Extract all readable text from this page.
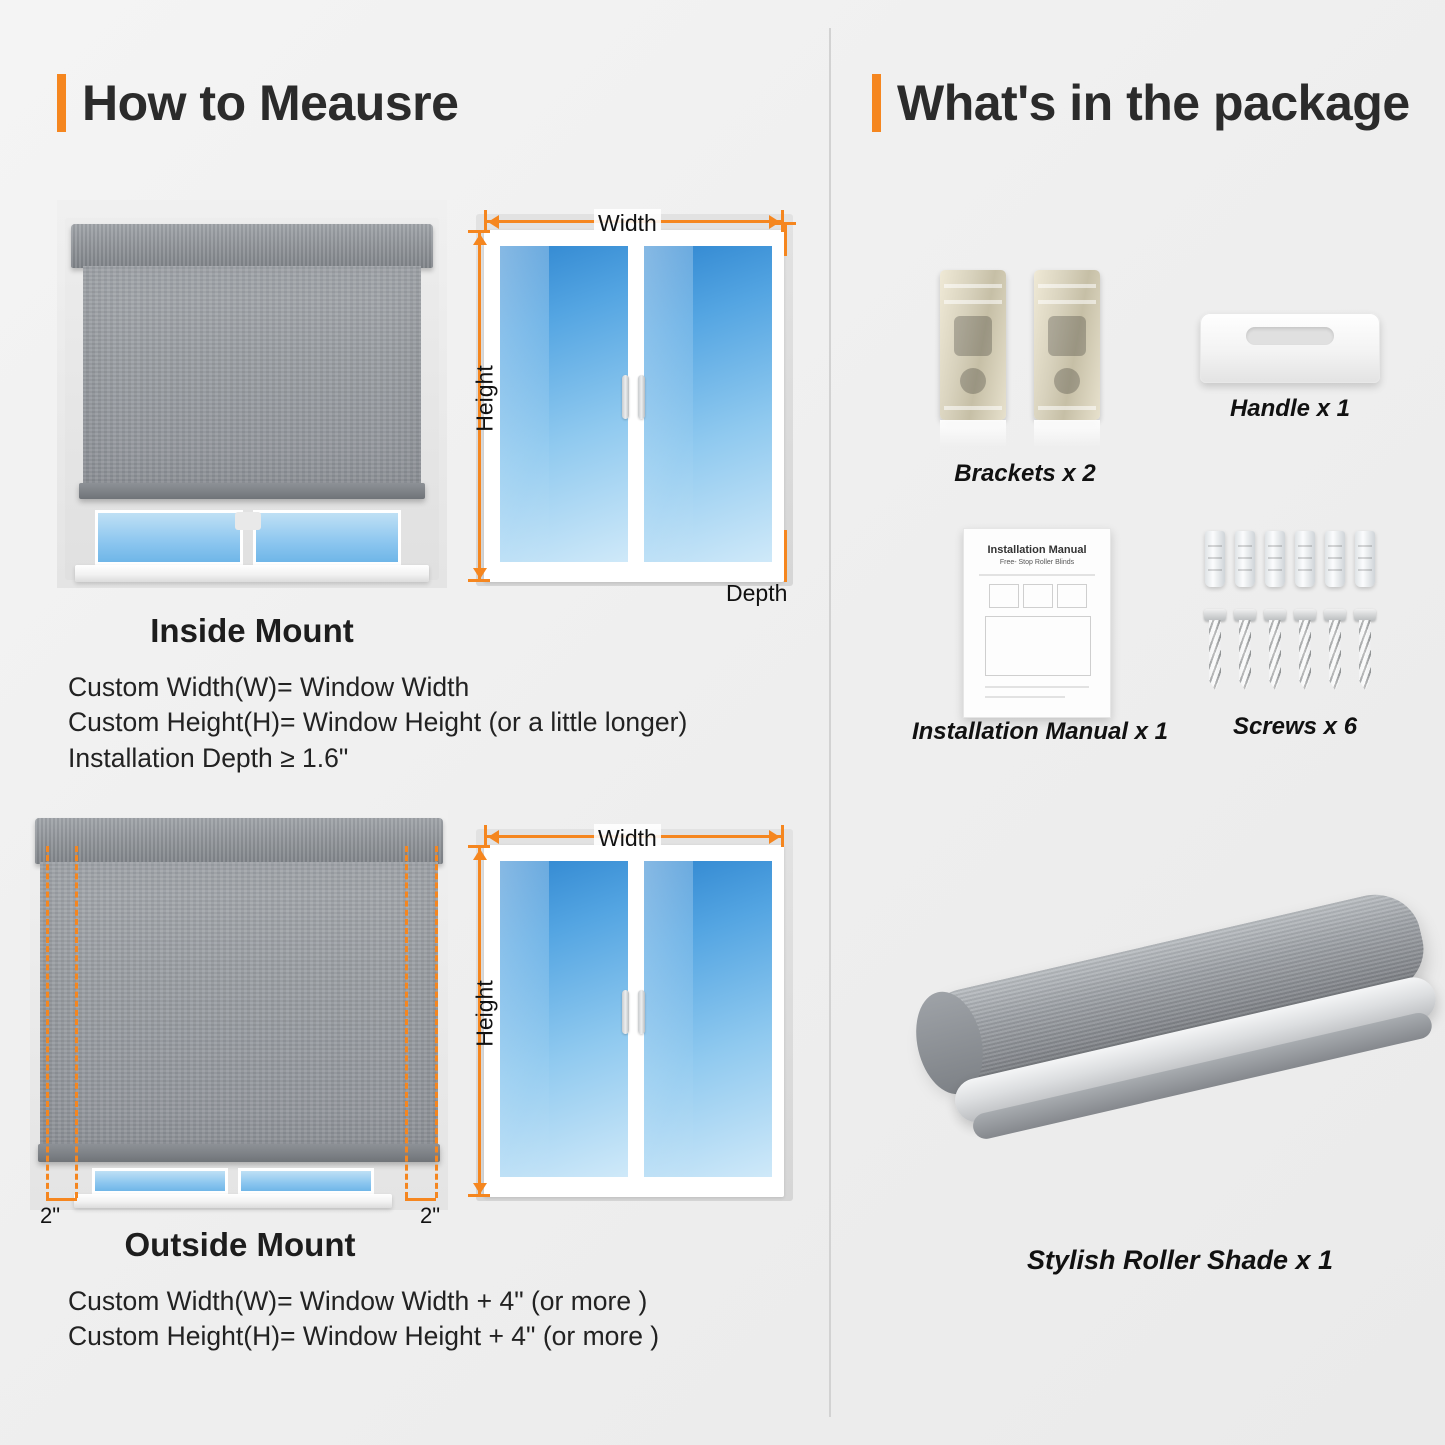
How to Meausre
Width
Height
Depth
Inside Mount
Custom Width(W)= Window Width
Custom Height(H)= Window Height (or a little longer)
Installation Depth ≥ 1.6"
2"	2"
Width
Height
Outside Mount
Custom Width(W)= Window Width + 4" (or more )
Custom Height(H)= Window Height + 4" (or more )
What's in the package
Brackets x 2
Handle x 1
Installation Manual
Free- Stop Roller Blinds
Installation Manual x 1	Screws x 6
Stylish Roller Shade x 1
